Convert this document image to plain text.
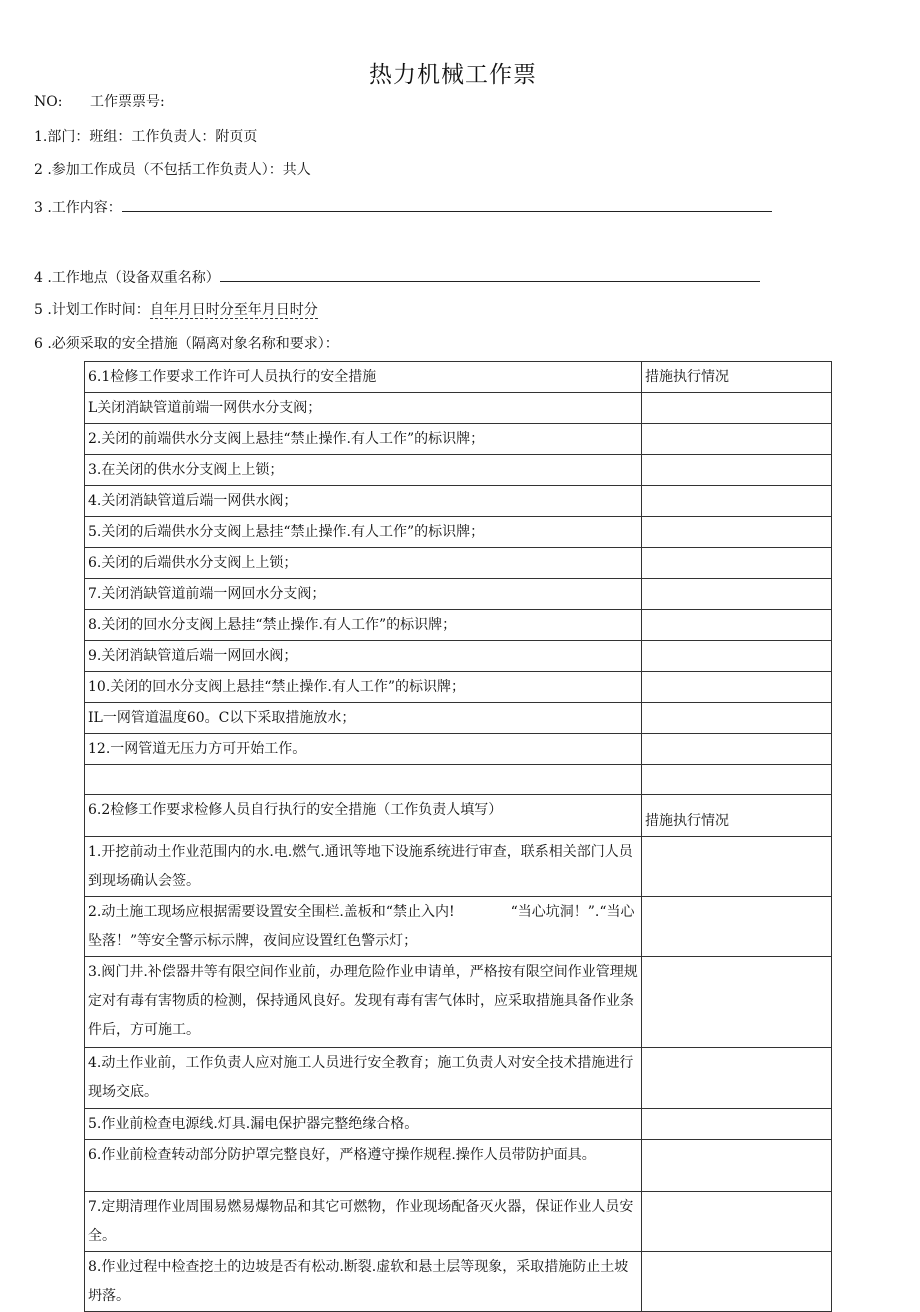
热力机械工作票
NO: 工作票票号:
1.部门：班组：工作负责人：附页页
2 .参加工作成员（不包括工作负责人）：共人
3 .工作内容：
4 .工作地点（设备双重名称）
5 .计划工作时间：自年月日时分至年月日时分
6 .必须采取的安全措施（隔离对象名称和要求）：
6.1检修工作要求工作许可人员执行的安全措施	措施执行情况
L关闭消缺管道前端一网供水分支阀；	
2.关闭的前端供水分支阀上悬挂“禁止操作.有人工作”的标识牌；	
3.在关闭的供水分支阀上上锁；	
4.关闭消缺管道后端一网供水阀；	
5.关闭的后端供水分支阀上悬挂“禁止操作.有人工作”的标识牌；	
6.关闭的后端供水分支阀上上锁；	
7.关闭消缺管道前端一网回水分支阀；	
8.关闭的回水分支阀上悬挂“禁止操作.有人工作”的标识牌；	
9.关闭消缺管道后端一网回水阀；	
10.关闭的回水分支阀上悬挂“禁止操作.有人工作”的标识牌；	
IL一网管道温度60。C以下采取措施放水；	
12.一网管道无压力方可开始工作。	

6.2检修工作要求检修人员自行执行的安全措施（工作负责人填写）	措施执行情况
1.开挖前动土作业范围内的水.电.燃气.通讯等地下设施系统进行审查，联系相关部门人员到现场确认会签。	
2.动土施工现场应根据需要设置安全围栏.盖板和“禁止入内!　　　　“当心坑洞！”.“当心坠落！”等安全警示标示牌，夜间应设置红色警示灯；	
3.阀门井.补偿器井等有限空间作业前，办理危险作业申请单，严格按有限空间作业管理规定对有毒有害物质的检测，保持通风良好。发现有毒有害气体时，应采取措施具备作业条件后，方可施工。	
4.动土作业前，工作负责人应对施工人员进行安全教育；施工负责人对安全技术措施进行现场交底。	
5.作业前检查电源线.灯具.漏电保护器完整绝缘合格。	
6.作业前检查转动部分防护罩完整良好，严格遵守操作规程.操作人员带防护面具。	
7.定期清理作业周围易燃易爆物品和其它可燃物，作业现场配备灭火器，保证作业人员安全。	
8.作业过程中检查挖土的边坡是否有松动.断裂.虚软和悬土层等现象，采取措施防止土坡坍落。	
